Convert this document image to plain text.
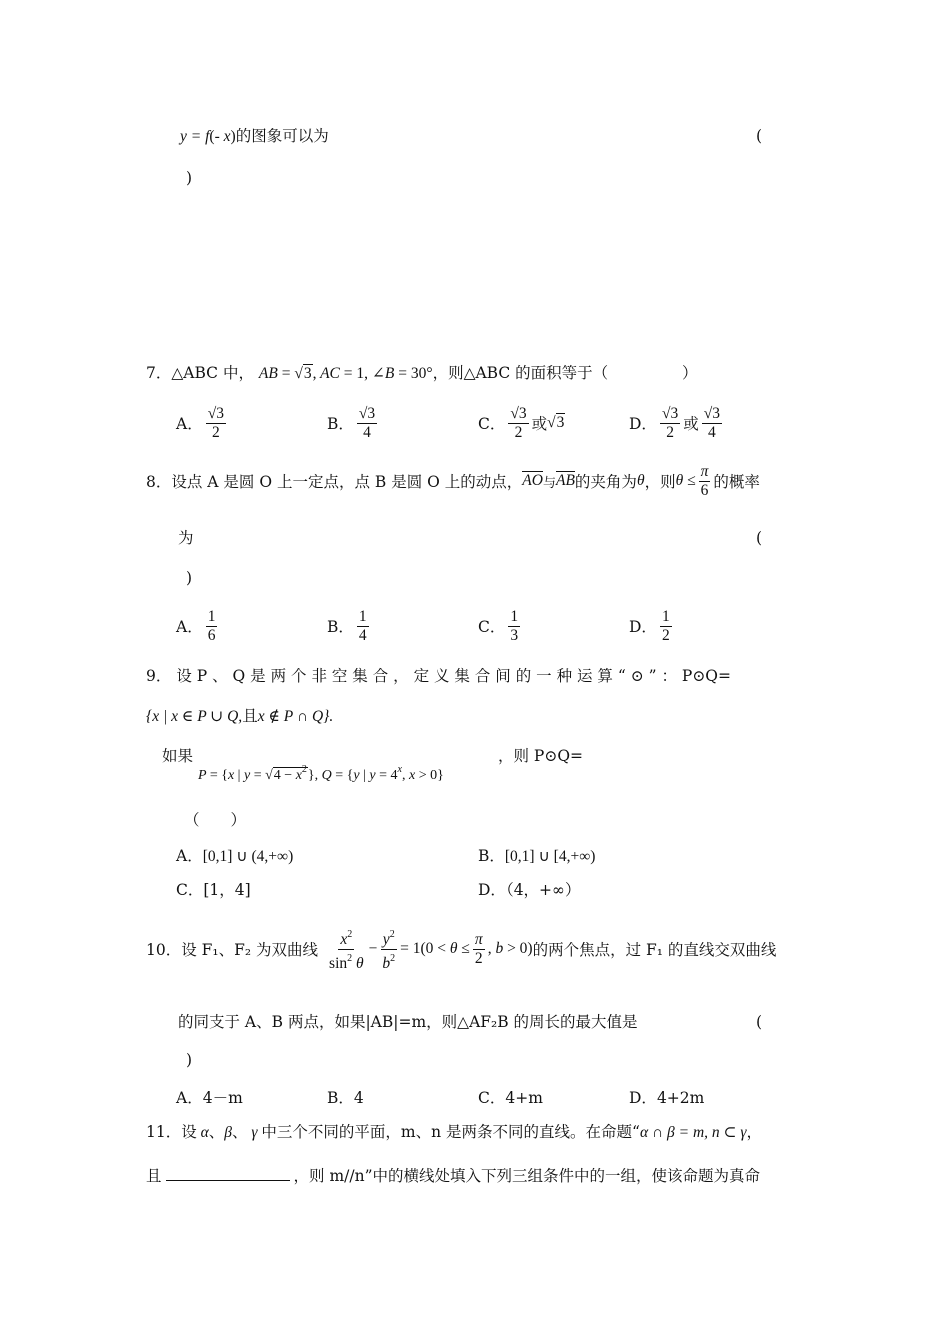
y = f(- x)的图象可以为	(
)
7．△ABC 中， AB = √3, AC = 1, ∠B = 30°，则△ABC 的面积等于（	）
A． $\frac{√3}{2}$	B． $\frac{√3}{4}$	C． $\frac{√3}{2}$ 或 √3	D． $\frac{√3}{2}$ 或 $\frac{√3}{4}$
8． 设点 A 是圆 O 上一定点，点 B 是圆 O 上的动点， AO 与 AB 的夹角为 θ ，则 $\theta \le \frac{\pi}{6}$ 的概率
为	(
)
A． $\frac{1}{6}$	B． $\frac{1}{4}$	C． $\frac{1}{3}$	D． $\frac{1}{2}$
9． 设 P 、 Q 是 两 个 非 空 集 合 ， 定 义 集 合 间 的 一 种 运 算 “ ⊙ ” ： P⊙Q=
{x | x ∈ P ∪ Q,且x ∉ P ∩ Q}.
如果
P = {x | $y = √4 - x^2$}, Q = {y | $y = 4^x$, x > 0}
，则 P⊙Q=
（　　）
A．[0,1] ∪ (4,+∞)	B．[0,1] ∪ [4,+∞)
C．[1，4]	D．（4，+∞）
10． 设 F₁、F₂ 为双曲线 $\frac{x^2}{\sin^2 \theta} - \frac{y^2}{b^2} = 1(0 < \theta \le \frac{\pi}{2}$ , b > 0) 的两个焦点，过 F₁ 的直线交双曲线
的同支于 A、B 两点，如果|AB|=m，则△AF₂B 的周长的最大值是	(
)
A．4－m	B．4	C．4+m	D．4+2m
11．设 α、β、 γ 中三个不同的平面，m、n 是两条不同的直线。在命题“α ∩ β = m, n ⊂ γ，
且	，则 m//n”中的横线处填入下列三组条件中的一组，使该命题为真命
